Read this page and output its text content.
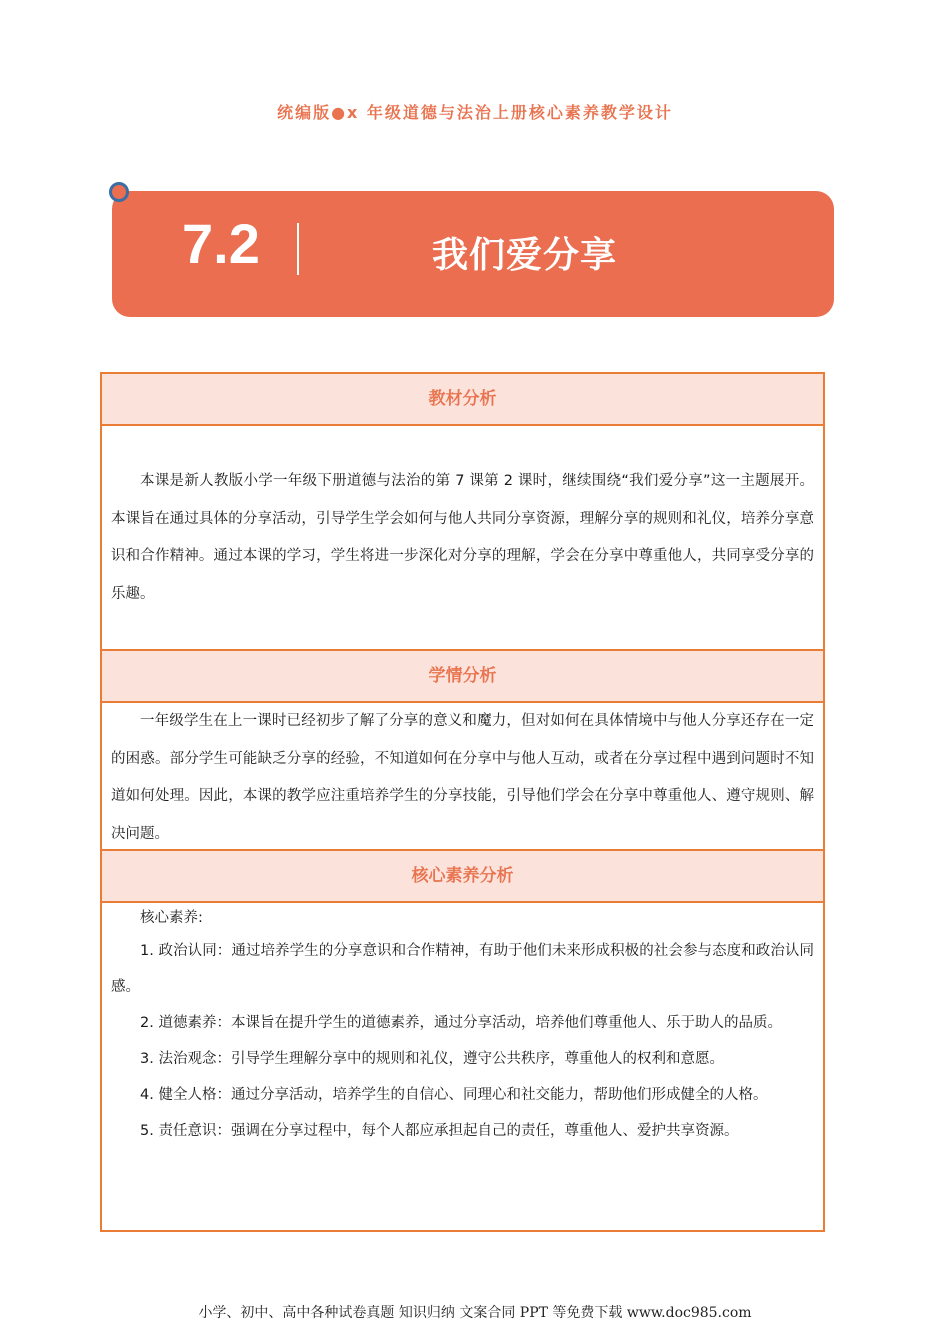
统编版●x 年级道德与法治上册核心素养教学设计
7.2	我们爱分享
教材分析

本课是新人教版小学一年级下册道德与法治的第 7 课第 2 课时，继续围绕“我们爱分享”这一主题展开。本课旨在通过具体的分享活动，引导学生学会如何与他人共同分享资源，理解分享的规则和礼仪，培养分享意识和合作精神。通过本课的学习，学生将进一步深化对分享的理解，学会在分享中尊重他人，共同享受分享的乐趣。

学情分析

一年级学生在上一课时已经初步了解了分享的意义和魔力，但对如何在具体情境中与他人分享还存在一定的困惑。部分学生可能缺乏分享的经验，不知道如何在分享中与他人互动，或者在分享过程中遇到问题时不知道如何处理。因此，本课的教学应注重培养学生的分享技能，引导他们学会在分享中尊重他人、遵守规则、解决问题。

核心素养分析

核心素养:

1. 政治认同：通过培养学生的分享意识和合作精神，有助于他们未来形成积极的社会参与态度和政治认同感。

2. 道德素养：本课旨在提升学生的道德素养，通过分享活动，培养他们尊重他人、乐于助人的品质。

3. 法治观念：引导学生理解分享中的规则和礼仪，遵守公共秩序，尊重他人的权利和意愿。

4. 健全人格：通过分享活动，培养学生的自信心、同理心和社交能力，帮助他们形成健全的人格。

5. 责任意识：强调在分享过程中，每个人都应承担起自己的责任，尊重他人、爱护共享资源。

小学、初中、高中各种试卷真题 知识归纳 文案合同 PPT 等免费下载 www.doc985.com
